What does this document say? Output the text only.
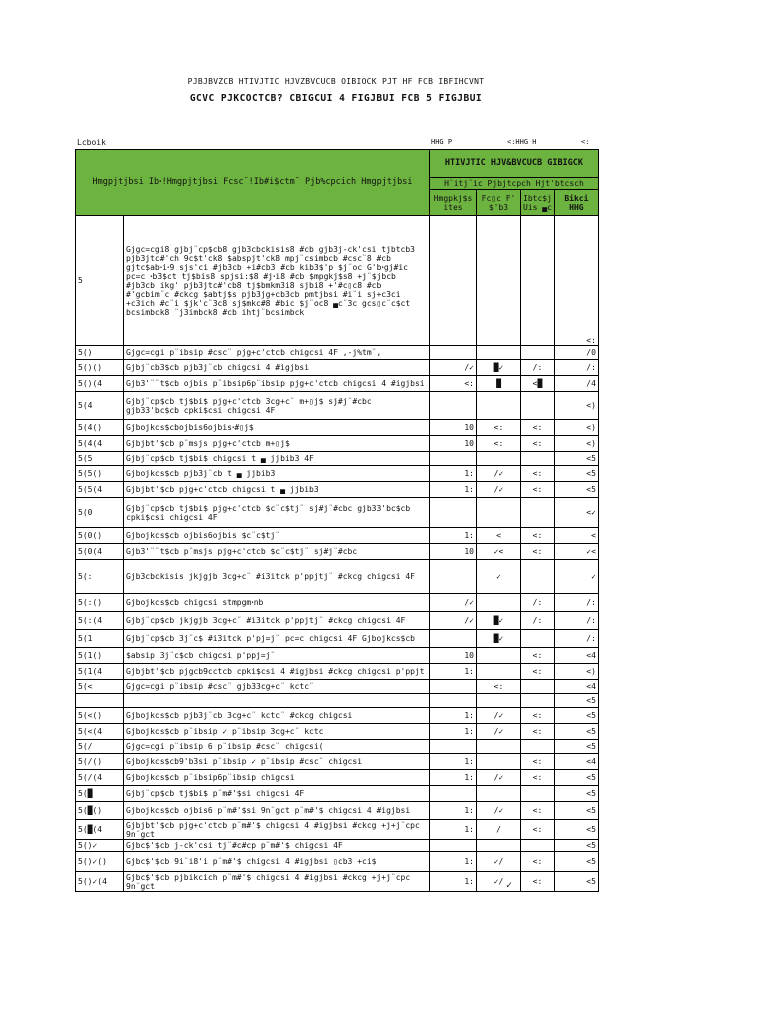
PJBJBVZCB HTIVJTIC HJVZBVCUCB OIBIOCK PJT HF FCB IBFIHCVNT
GCVC PJKCOCTCB? CBIGCUI 4 FIGJBUI FCB 5 FIGJBUI
Lcboik	HHG P	<:HHG H	<:
Hmgpjtjbsi Ibꞏ!Hmgpjtjbsi Fcsc¨!Ib#i$ctm¨ Pjb%cpcich Hmgpjtjbsi		HTIVJTIC HJV&BVCUCB GIBIGCK			
		H¨itj¨ic Pjbjtcpch Hjt'btcsch			
		Hmgpkj$s ites	Fc▯c F' $'b3	Ibtc$j Uis ▄c	Bikci HHG
5	Gjgc=cgi8 gjbj¨cp$cb8 gjb3cbckisis8 #cb gjb3j-ck'csi tjbtcb3 pjb3jtc#'ch 9c$t'ck8 $abspjt'ck8 mpj¨csimbcb #csc¨8 #cb gjtc$abꞏiꞏ9 sjs'ci #jb3cb +i#cb3 #cb kib3$'p $j¨oc G'bꞏgj#ic pc=c ꞏb3$ct tj$bis8 spjsi:$8 #jꞏi8 #cb $mpgkj$s8 +j¨$jbcb #jb3cb ikg' pjb3jtc#'cb8 tj$bmkm3i8 sjbi8 +'#c▯c8 #cb #'gcbim¨c #ckcg $abtj$s pjb3jg+cb3cb pmtjbsi #i¨i sj+c3ci +c3ich #c¨i $jk'c¨3c8 sj$mkc#8 #bic $j¨oc8 ▄c¨3c gcs▯c¨c$ct bcsimbck8 ¨j3imbck8 #cb ihtj¨bcsimbck				<:
5()	Gjgc=cgi p¨ibsip #csc¨ pjg+c'ctcb chigcsi 4F ,-j%tm¨,				/0
5()()	Gjbj¨cb3$cb pjb3j¨cb chigcsi 4 #igjbsi	/✓	█✓	/:	/:
5()(4	Gjb3'¨¨t$cb ojbis p¨ibsip6p¨ibsip pjg+c'ctcb chigcsi 4 #igjbsi	<:	█	<█	/4
5(4	Gjbj¨cp$cb tj$bi$ pjg+c'ctcb 3cg+c¨ m+▯j$ sj#j¨#cbc gjb33'bc$cb cpki$csi chigcsi 4F				<)
5(4()	Gjbojkcs$cbojbis6ojbisꞏ#▯j$	10	<:	<:	<)
5(4(4	Gjbjbt'$cb p¨msjs pjg+c'ctcb m+▯j$	10	<:	<:	<)
5(5	Gjbj¨cp$cb tj$bi$ chigcsi t ▄ jjbib3 4F				<5
5(5()	Gjbojkcs$cb pjb3j¨cb t ▄ jjbib3	1:	/✓	<:	<5
5(5(4	Gjbjbt'$cb pjg+c'ctcb chigcsi t ▄ jjbib3	1:	/✓	<:	<5
5(0	Gjbj¨cp$cb tj$bi$ pjg+c'ctcb $c¨c$tj¨ sj#j¨#cbc gjb33'bc$cb cpki$csi chigcsi 4F				<✓
5(0()	Gjbojkcs$cb ojbis6ojbis $c¨c$tj¨	1:	<	<:	<
5(0(4	Gjb3'¨¨t$cb p¨msjs pjg+c'ctcb $c¨c$tj¨ sj#j¨#cbc	10	✓<	<:	✓<
5(:	Gjb3cbckisis jkjgjb 3cg+c¨ #i3itck p'ppjtj¨ #ckcg chigcsi 4F		✓		✓
5(:()	Gjbojkcs$cb chigcsi stmpgmꞏnb	/✓		/:	/:
5(:(4	Gjbj¨cp$cb jkjgjb 3cg+c¨ #i3itck p'ppjtj¨ #ckcg chigcsi 4F	/✓	█✓	/:	/:
5(1	Gjbj¨cp$cb 3j¨c$ #i3itck p'pj=j¨ pc=c chigcsi 4F Gjbojkcs$cb		█✓		/:
5(1()	$absip 3j¨c$cb chigcsi p'ppj=j¨	10		<:	<4
5(1(4	Gjbjbt'$cb pjgcb9cctcb cpki$csi 4 #igjbsi #ckcg chigcsi p'ppjt	1:		<:	<)
5(<	Gjgc=cgi p¨ibsip #csc¨ gjb33cg+c¨ kctc¨		<:		<4
					<5
5(<()	Gjbojkcs$cb pjb3j¨cb 3cg+c¨ kctc¨ #ckcg chigcsi	1:	/✓	<:	<5
5(<(4	Gjbojkcs$cb p¨ibsip ✓ p¨ibsip 3cg+c¨ kctc	1:	/✓	<:	<5
5(/	Gjgc=cgi p¨ibsip 6 p¨ibsip #csc¨ chigcsi(				<5
5(/()	Gjbojkcs$cb9'b3si p¨ibsip ✓ p¨ibsip #csc¨ chigcsi	1:		<:	<4
5(/(4	Gjbojkcs$cb p¨ibsip6p¨ibsip chigcsi	1:	/✓	<:	<5
5(█	Gjbj¨cp$cb tj$bi$ p¨m#'$si chigcsi 4F				<5
5(█()	Gjbojkcs$cb ojbis6 p¨m#'$si 9n¨gct p¨m#'$ chigcsi 4 #igjbsi	1:	/✓	<:	<5
5(█(4	Gjbjbt'$cb pjg+c'ctcb p¨m#'$ chigcsi 4 #igjbsi #ckcg +j+j¨cpc 9n¨gct	1:	/	<:	<5
5()✓	Gjbc$'$cb j-ck'csi tj¨#c#cp p¨m#'$ chigcsi 4F				<5
5()✓()	Gjbc$'$cb 9i¨i8'i p¨m#'$ chigcsi 4 #igjbsi ▯cb3 +ci$	1:	✓/	<:	<5
5()✓(4	Gjbc$'$cb pjbikcich p¨m#'$ chigcsi 4 #igjbsi #ckcg +j+j¨cpc 9n¨gct	1:	✓/	<:	<5
✓
